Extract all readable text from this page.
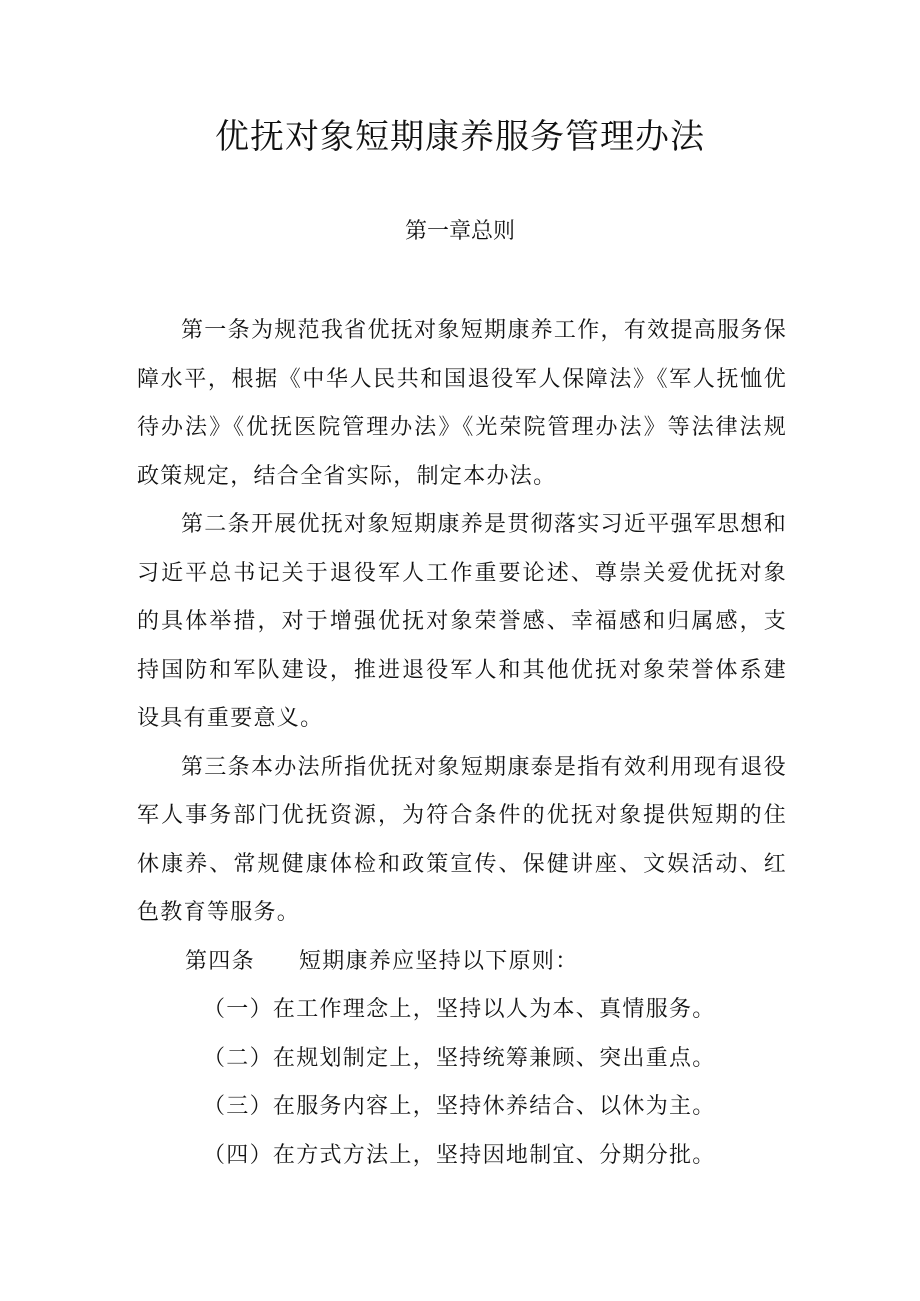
优抚对象短期康养服务管理办法
第一章总则

第一条为规范我省优抚对象短期康养工作，有效提高服务保障水平，根据《中华人民共和国退役军人保障法》《军人抚恤优待办法》《优抚医院管理办法》《光荣院管理办法》等法律法规政策规定，结合全省实际，制定本办法。

第二条开展优抚对象短期康养是贯彻落实习近平强军思想和习近平总书记关于退役军人工作重要论述、尊崇关爱优抚对象的具体举措，对于增强优抚对象荣誉感、幸福感和归属感，支持国防和军队建设，推进退役军人和其他优抚对象荣誉体系建设具有重要意义。

第三条本办法所指优抚对象短期康泰是指有效利用现有退役军人事务部门优抚资源，为符合条件的优抚对象提供短期的住休康养、常规健康体检和政策宣传、保健讲座、文娱活动、红色教育等服务。

第四条 短期康养应坚持以下原则：

（一）在工作理念上，坚持以人为本、真情服务。

（二）在规划制定上，坚持统筹兼顾、突出重点。

（三）在服务内容上，坚持休养结合、以休为主。

（四）在方式方法上，坚持因地制宜、分期分批。
